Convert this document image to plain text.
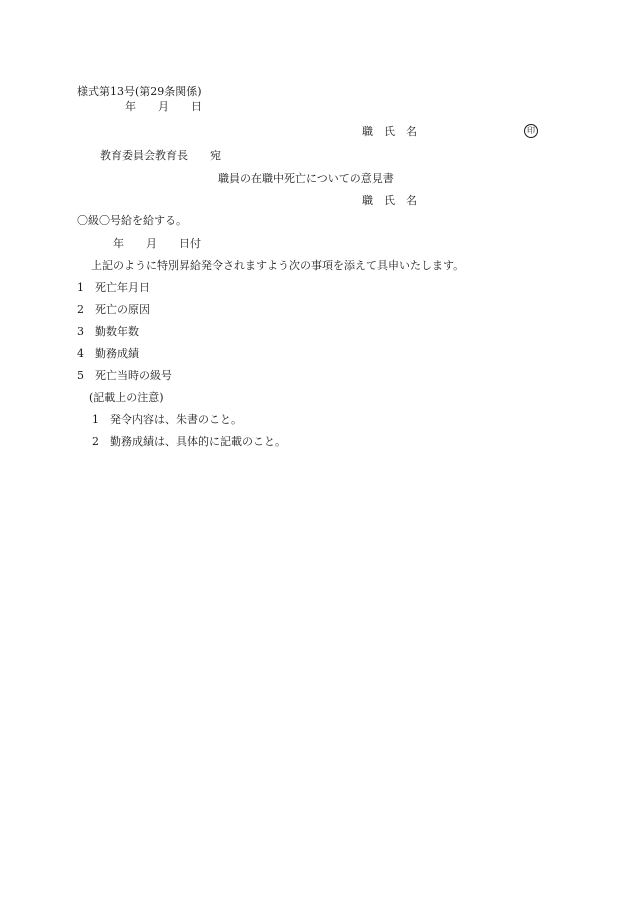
様式第13号(第29条関係)

年　　月　　日

職　氏　名	印

教育委員会教育長　　宛

職員の在職中死亡についての意見書

職　氏　名

〇級〇号給を給する。

年　　月　　日付

上記のように特別昇給発令されますよう次の事項を添えて具申いたします。

1　死亡年月日

2　死亡の原因

3　勤数年数

4　勤務成績

5　死亡当時の級号

(記載上の注意)

1　発令内容は、朱書のこと。

2　勤務成績は、具体的に記載のこと。
